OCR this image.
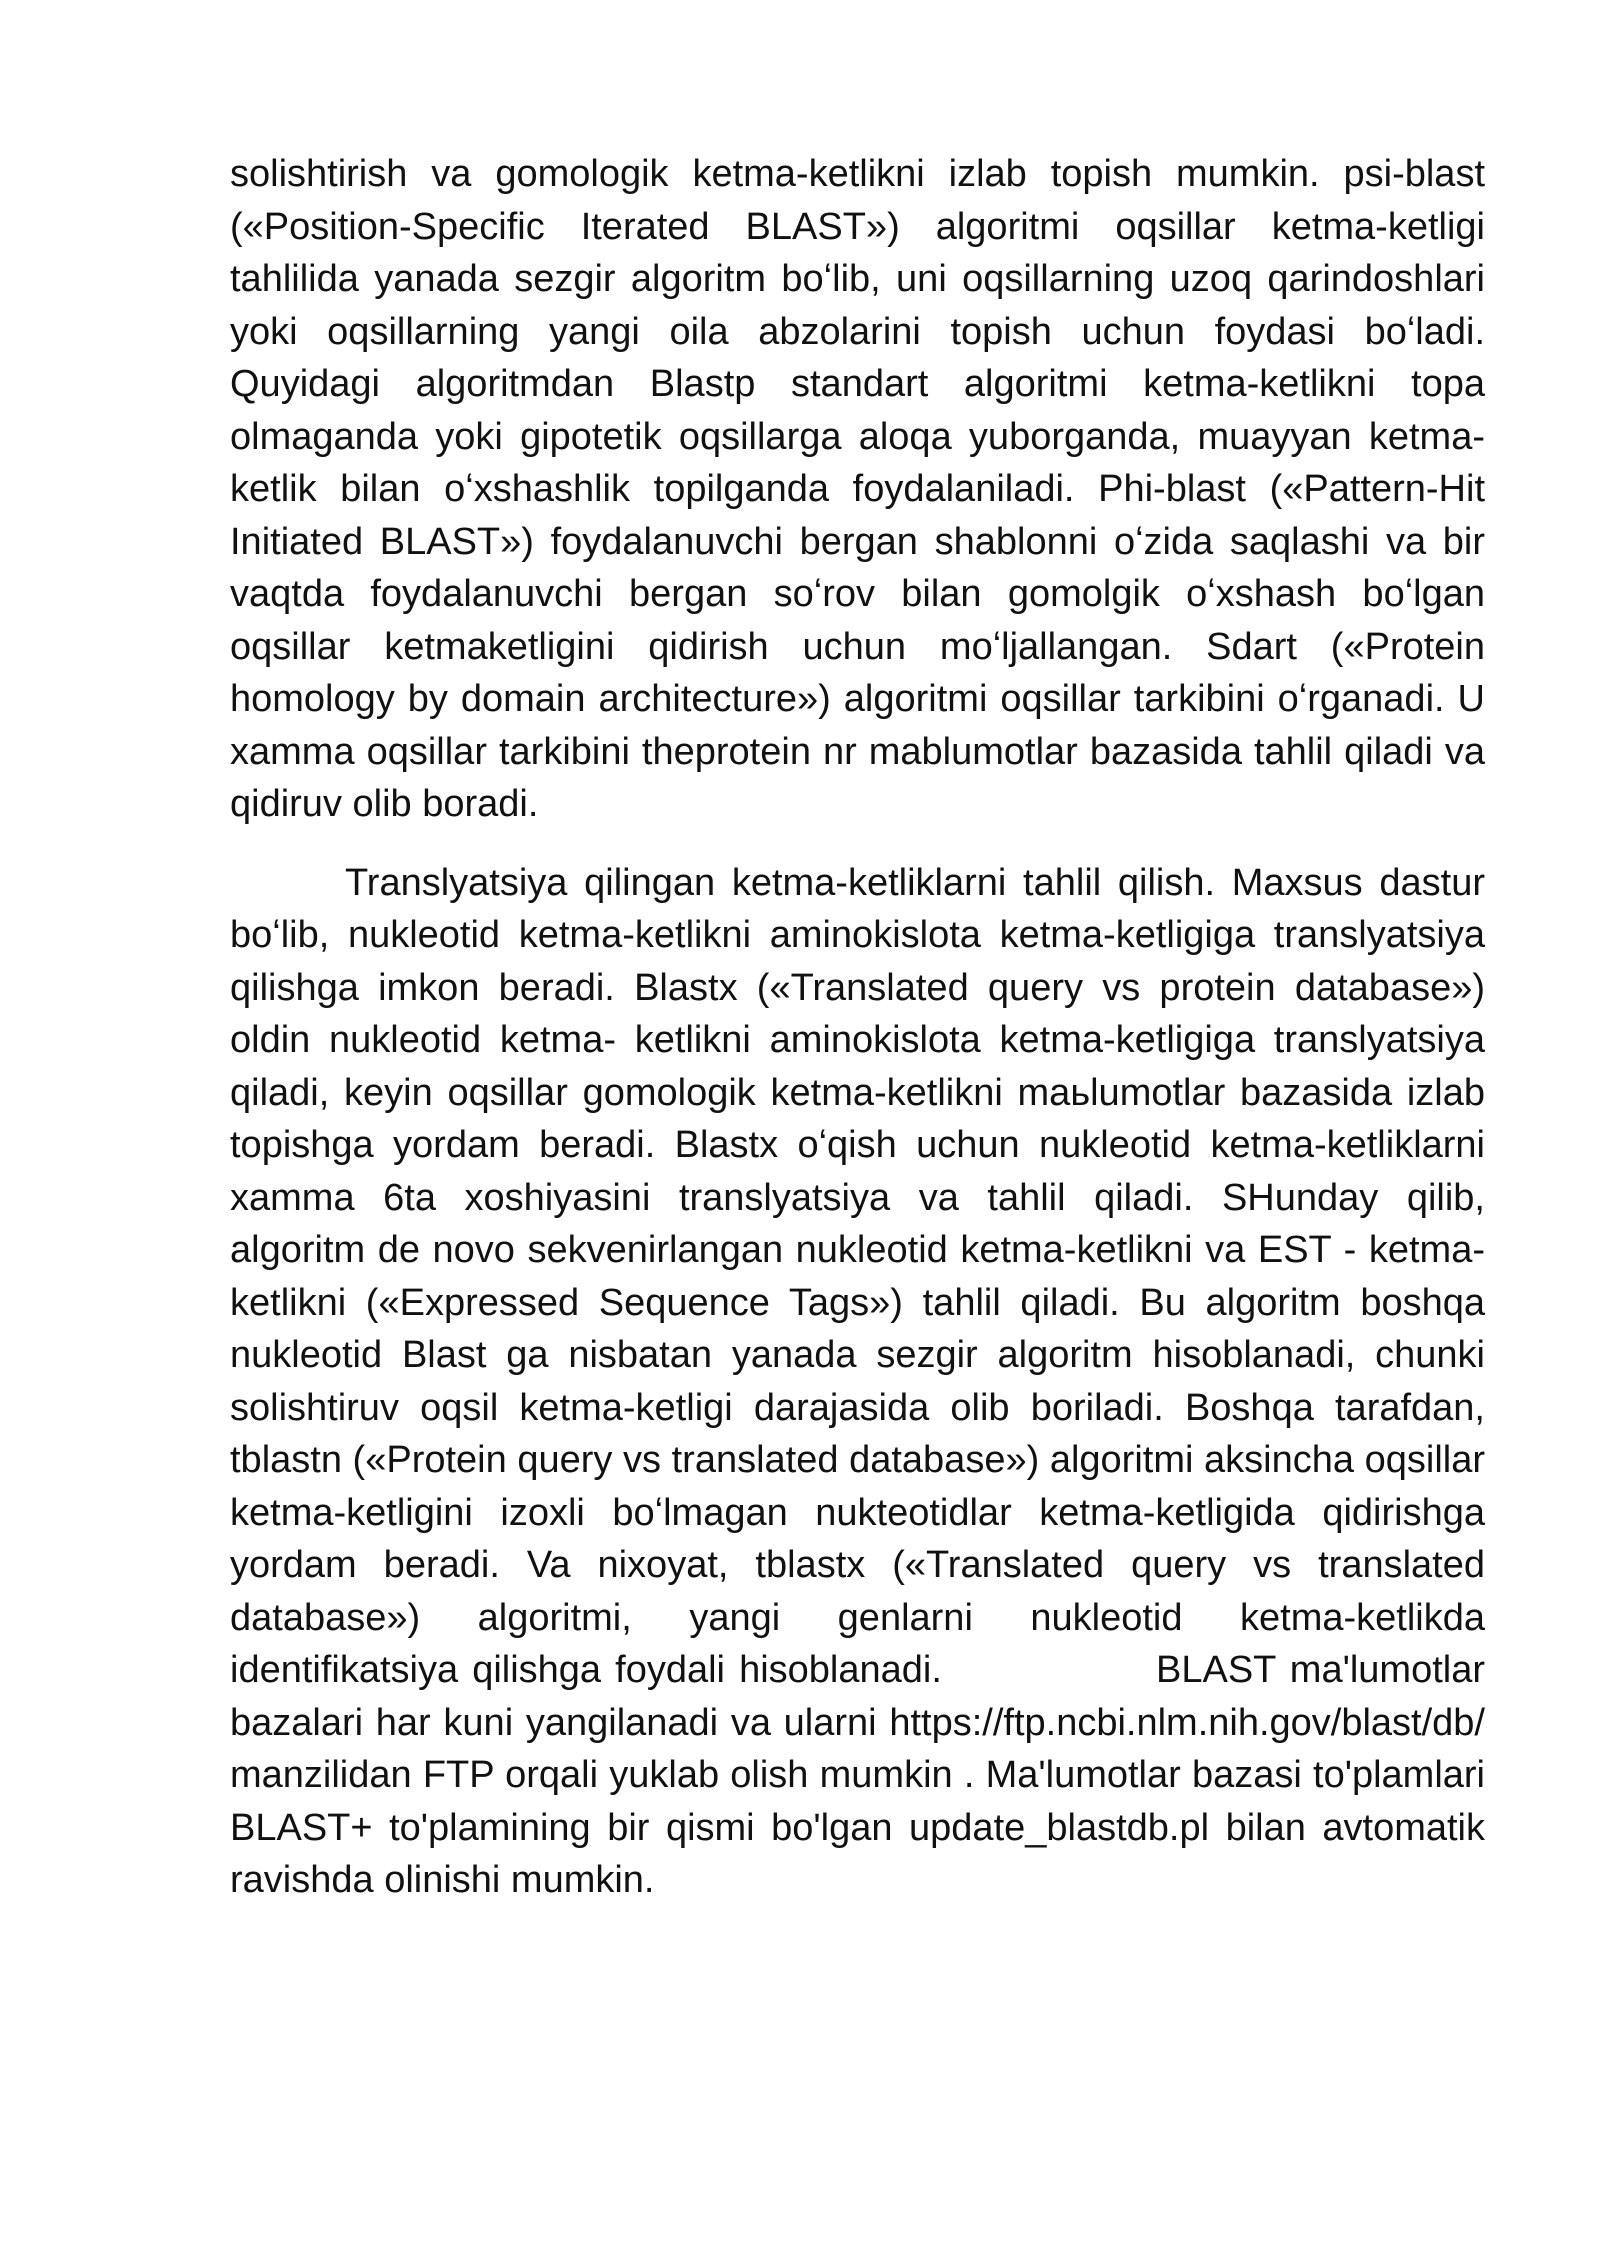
solishtirish va gomologik ketma-ketlikni izlab topish mumkin. psi-blast («Position-Specific Iterated BLAST») algoritmi oqsillar ketma-ketligi tahlilida yanada sezgir algoritm boʻlib, uni oqsillarning uzoq qarindoshlari yoki oqsillarning yangi oila abzolarini topish uchun foydasi boʻladi. Quyidagi algoritmdan Blastp standart algoritmi ketma-ketlikni topa olmaganda yoki gipotetik oqsillarga aloqa yuborganda, muayyan ketma-ketlik bilan oʻxshashlik topilganda foydalaniladi. Phi-blast («Pattern-Hit Initiated BLAST») foydalanuvchi bergan shablonni oʻzida saqlashi va bir vaqtda foydalanuvchi bergan soʻrov bilan gomolgik oʻxshash boʻlgan oqsillar ketmaketligini qidirish uchun moʻljallangan. Sdart («Protein homology by domain architecture») algoritmi oqsillar tarkibini oʻrganadi. U xamma oqsillar tarkibini theprotein nr mablumotlar bazasida tahlil qiladi va qidiruv olib boradi.

Translyatsiya qilingan ketma-ketliklarni tahlil qilish. Maxsus dastur boʻlib, nukleotid ketma-ketlikni aminokislota ketma-ketligiga translyatsiya qilishga imkon beradi. Blastx («Translated query vs protein database») oldin nukleotid ketma- ketlikni aminokislota ketma-ketligiga translyatsiya qiladi, keyin oqsillar gomologik ketma-ketlikni maьlumotlar bazasida izlab topishga yordam beradi. Blastx oʻqish uchun nukleotid ketma-ketliklarni xamma 6ta xoshiyasini translyatsiya va tahlil qiladi. SHunday qilib, algoritm de novo sekvenirlangan nukleotid ketma-ketlikni va EST - ketma-ketlikni («Expressed Sequence Tags») tahlil qiladi. Bu algoritm boshqa nukleotid Blast ga nisbatan yanada sezgir algoritm hisoblanadi, chunki solishtiruv oqsil ketma-ketligi darajasida olib boriladi. Boshqa tarafdan, tblastn («Protein query vs translated database») algoritmi aksincha oqsillar ketma-ketligini izoxli boʻlmagan nukteotidlar ketma-ketligida qidirishga yordam beradi. Va nixoyat, tblastx («Translated query vs translated database») algoritmi, yangi genlarni nukleotid ketma-ketlikda identifikatsiya qilishga foydali hisoblanadi.	BLAST ma'lumotlar bazalari har kuni yangilanadi va ularni https://ftp.ncbi.nlm.nih.gov/blast/db/ manzilidan FTP orqali yuklab olish mumkin . Ma'lumotlar bazasi to'plamlari BLAST+ to'plamining bir qismi bo'lgan update_blastdb.pl bilan avtomatik ravishda olinishi mumkin.
